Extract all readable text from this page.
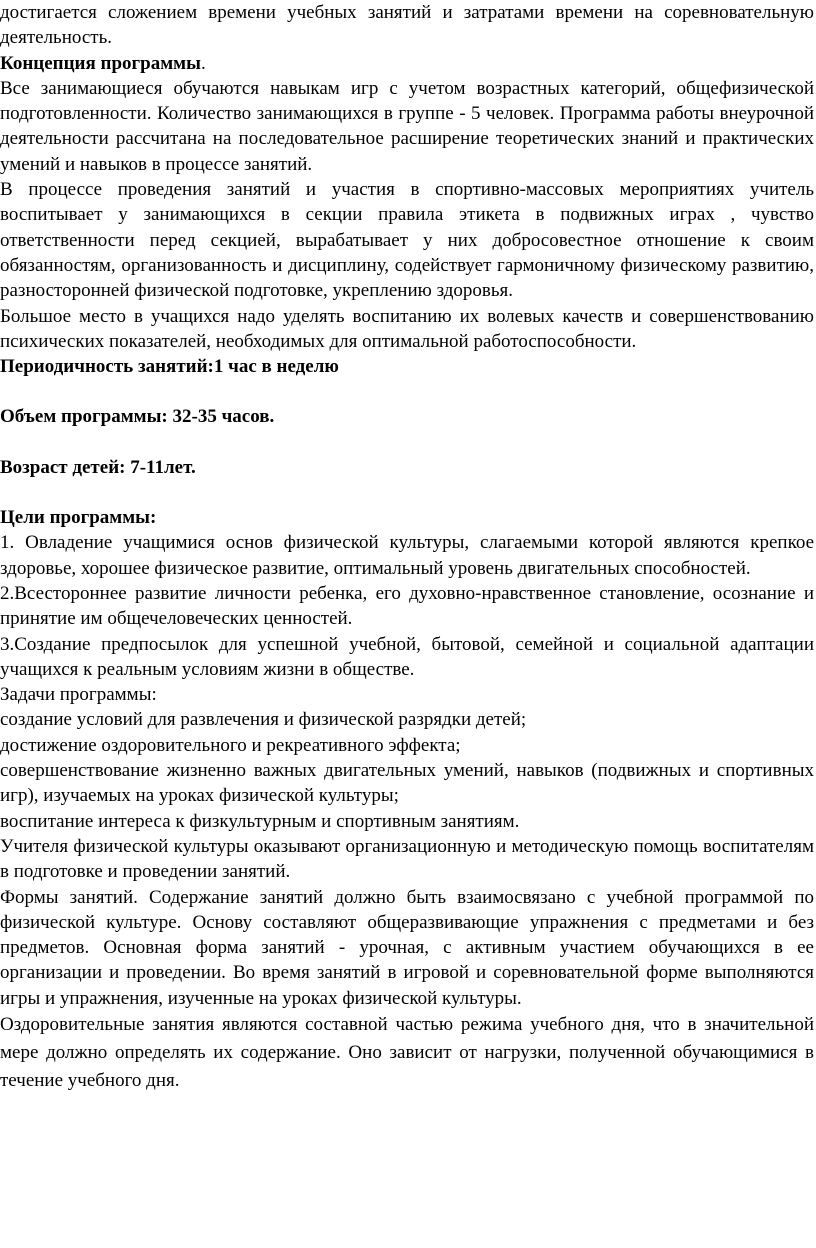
достигается сложением времени учебных занятий и затратами времени на соревновательную деятельность.

Концепция программы.

Все занимающиеся обучаются навыкам игр с учетом возрастных категорий, общефизической подготовленности. Количество занимающихся в группе - 5 человек. Программа работы внеурочной деятельности рассчитана на последовательное расширение теоретических знаний и практических умений и навыков в процессе занятий.

В процессе проведения занятий и участия в спортивно-массовых мероприятиях учитель воспитывает у занимающихся в секции правила этикета в подвижных играх , чувство ответственности перед секцией, вырабатывает у них добросовестное отношение к своим обязанностям, организованность и дисциплину, содействует гармоничному физическому развитию, разносторонней физической подготовке, укреплению здоровья.

Большое место в учащихся надо уделять воспитанию их волевых качеств и совершенствованию психических показателей, необходимых для оптимальной работоспособности.

Периодичность занятий:1 час в неделю

Объем программы: 32-35 часов.

Возраст детей: 7-11лет.

Цели программы:

1. Овладение учащимися основ физической культуры, слагаемыми которой являются крепкое здоровье, хорошее физическое развитие, оптимальный уровень двигательных способностей.

2.Всестороннее развитие личности ребенка, его духовно-нравственное становление, осознание и принятие им общечеловеческих ценностей.

3.Создание предпосылок для успешной учебной, бытовой, семейной и социальной адаптации учащихся к реальным условиям жизни в обществе.

Задачи программы:

создание условий для развлечения и физической разрядки детей;

достижение оздоровительного и рекреативного эффекта;

совершенствование жизненно важных двигательных умений, навыков (подвижных и спортивных игр), изучаемых на уроках физической культуры;

воспитание интереса к физкультурным и спортивным занятиям.

Учителя физической культуры оказывают организационную и методическую помощь воспитателям в подготовке и проведении занятий.

Формы занятий. Содержание занятий должно быть взаимосвязано с учебной программой по физической культуре. Основу составляют общеразвивающие упражнения с предметами и без предметов. Основная форма занятий - урочная, с активным участием обучающихся в ее организации и проведении. Во время занятий в игровой и соревновательной форме выполняются игры и упражнения, изученные на уроках физической культуры.

Оздоровительные занятия являются составной частью режима учебного дня, что в значительной мере должно определять их содержание. Оно зависит от нагрузки, полученной обучающимися в течение учебного дня.
